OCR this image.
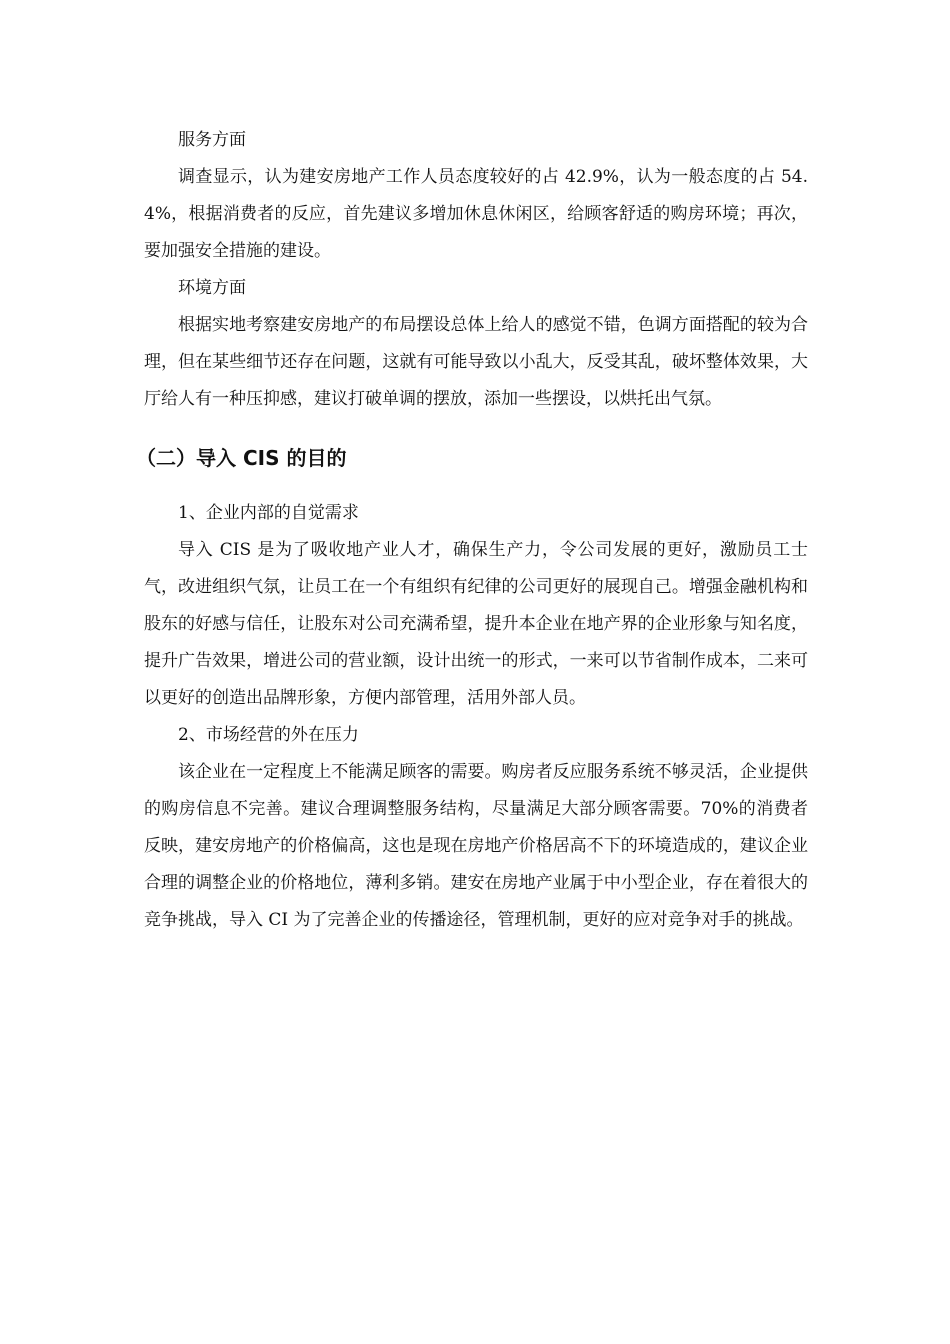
服务方面

调查显示，认为建安房地产工作人员态度较好的占 42.9%，认为一般态度的占 54.4%，根据消费者的反应，首先建议多增加休息休闲区，给顾客舒适的购房环境；再次，要加强安全措施的建设。

环境方面

根据实地考察建安房地产的布局摆设总体上给人的感觉不错，色调方面搭配的较为合理，但在某些细节还存在问题，这就有可能导致以小乱大，反受其乱，破坏整体效果，大厅给人有一种压抑感，建议打破单调的摆放，添加一些摆设，以烘托出气氛。

（二）导入 CIS 的目的

1、企业内部的自觉需求

导入 CIS 是为了吸收地产业人才，确保生产力，令公司发展的更好，激励员工士气，改进组织气氛，让员工在一个有组织有纪律的公司更好的展现自己。增强金融机构和股东的好感与信任，让股东对公司充满希望，提升本企业在地产界的企业形象与知名度，提升广告效果，增进公司的营业额，设计出统一的形式，一来可以节省制作成本，二来可以更好的创造出品牌形象，方便内部管理，活用外部人员。

2、市场经营的外在压力

该企业在一定程度上不能满足顾客的需要。购房者反应服务系统不够灵活，企业提供的购房信息不完善。建议合理调整服务结构，尽量满足大部分顾客需要。70%的消费者反映，建安房地产的价格偏高，这也是现在房地产价格居高不下的环境造成的，建议企业合理的调整企业的价格地位，薄利多销。建安在房地产业属于中小型企业，存在着很大的竞争挑战，导入 CI 为了完善企业的传播途径，管理机制，更好的应对竞争对手的挑战。
